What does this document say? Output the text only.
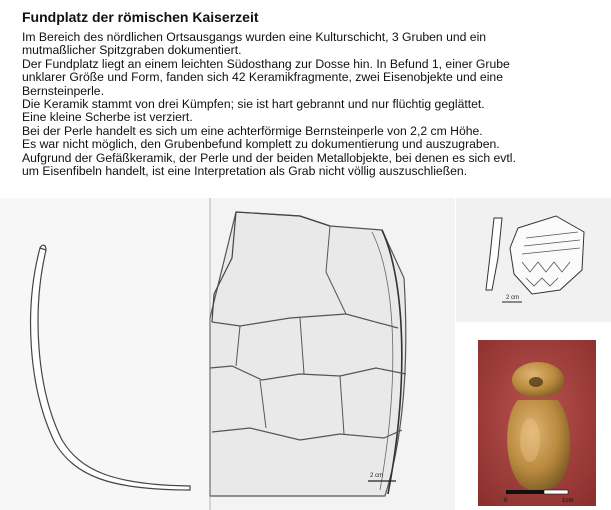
Fundplatz der römischen Kaiserzeit

Im Bereich des nördlichen Ortsausgangs wurden eine Kulturschicht, 3 Gruben und ein
mutmaßlicher Spitzgraben dokumentiert.

Der Fundplatz liegt an einem leichten Südosthang zur Dosse hin. In Befund 1, einer Grube
unklarer Größe und Form, fanden sich 42 Keramikfragmente, zwei Eisenobjekte und eine
Bernsteinperle.

Die Keramik stammt von drei Kümpfen; sie ist hart gebrannt und nur flüchtig geglättet.

Eine kleine Scherbe ist verziert.

Bei der Perle handelt es sich um eine achterförmige Bernsteinperle von 2,2 cm Höhe.

Es war nicht möglich, den Grubenbefund komplett zu dokumentierung und auszugraben.

Aufgrund der Gefäßkeramik, der Perle und der beiden Metallobjekte, bei denen es sich evtl.
um Eisenfibeln handelt, ist eine Interpretation als Grab nicht völlig auszuschließen.

2 cm
2 cm
0	1cm
